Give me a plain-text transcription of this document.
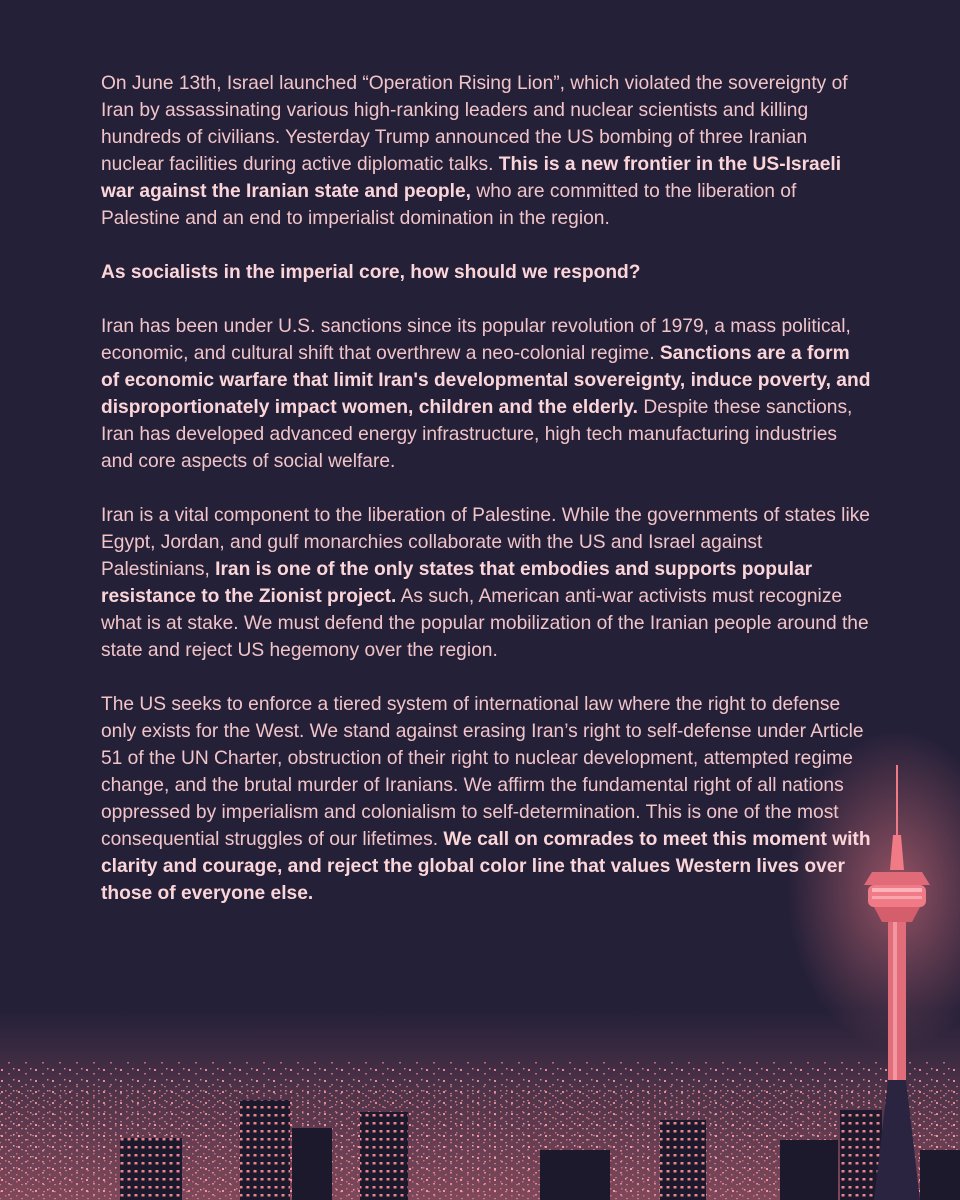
On June 13th, Israel launched “Operation Rising Lion”, which violated the sovereignty of Iran by assassinating various high-ranking leaders and nuclear scientists and killing hundreds of civilians. Yesterday Trump announced the US bombing of three Iranian nuclear facilities during active diplomatic talks. This is a new frontier in the US-Israeli war against the Iranian state and people, who are committed to the liberation of Palestine and an end to imperialist domination in the region.

As socialists in the imperial core, how should we respond?

Iran has been under U.S. sanctions since its popular revolution of 1979, a mass political, economic, and cultural shift that overthrew a neo-colonial regime. Sanctions are a form of economic warfare that limit Iran's developmental sovereignty, induce poverty, and disproportionately impact women, children and the elderly. Despite these sanctions, Iran has developed advanced energy infrastructure, high tech manufacturing industries and core aspects of social welfare.

Iran is a vital component to the liberation of Palestine. While the governments of states like Egypt, Jordan, and gulf monarchies collaborate with the US and Israel against Palestinians, Iran is one of the only states that embodies and supports popular resistance to the Zionist project. As such, American anti-war activists must recognize what is at stake. We must defend the popular mobilization of the Iranian people around the state and reject US hegemony over the region.

The US seeks to enforce a tiered system of international law where the right to defense only exists for the West. We stand against erasing Iran’s right to self-defense under Article 51 of the UN Charter, obstruction of their right to nuclear development, attempted regime change, and the brutal murder of Iranians. We affirm the fundamental right of all nations oppressed by imperialism and colonialism to self-determination. This is one of the most consequential struggles of our lifetimes. We call on comrades to meet this moment with clarity and courage, and reject the global color line that values Western lives over those of everyone else.
